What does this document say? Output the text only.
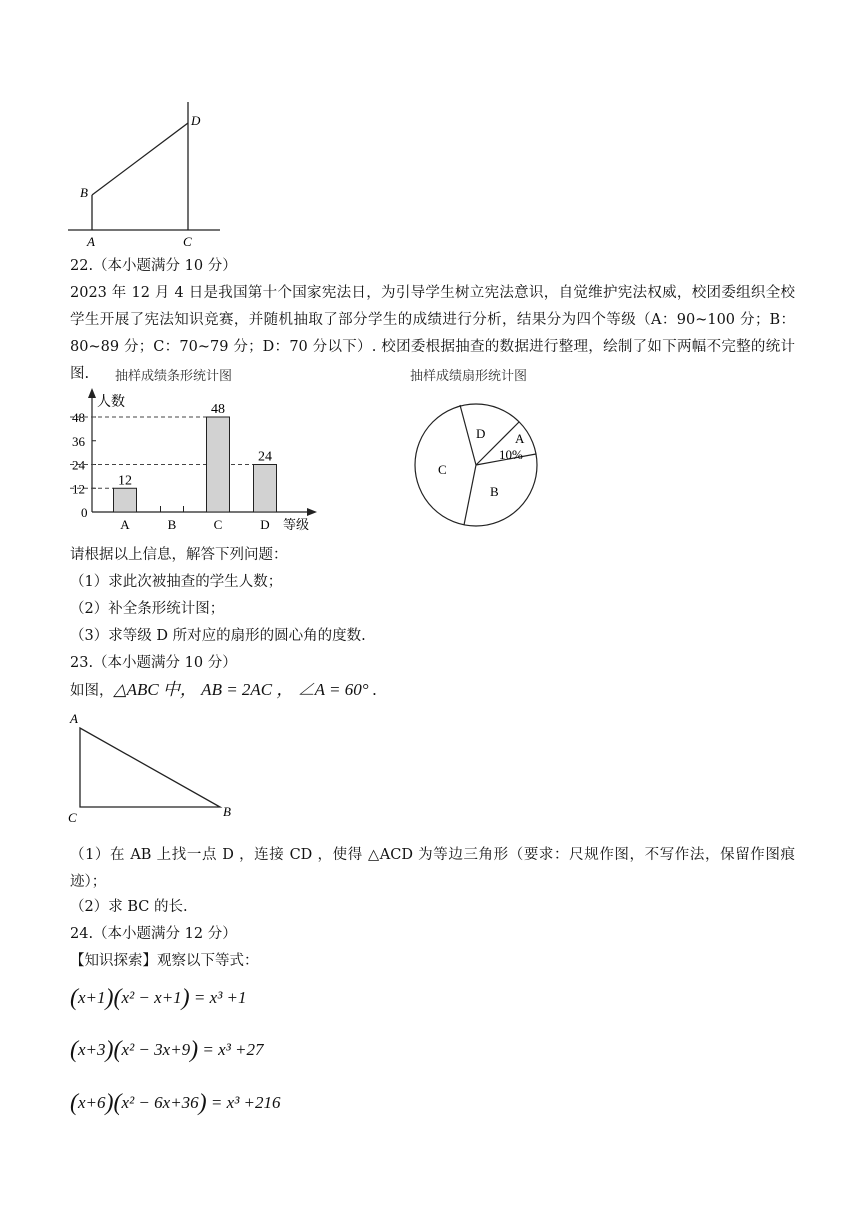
A
B
C
D
22.（本小题满分 10 分）
2023 年 12 月 4 日是我国第十个国家宪法日，为引导学生树立宪法意识，自觉维护宪法权威，校团委组织全校学生开展了宪法知识竞赛，并随机抽取了部分学生的成绩进行分析，结果分为四个等级（A：90~100 分；B：80~89 分；C：70~79 分；D：70 分以下）. 校团委根据抽查的数据进行整理，绘制了如下两幅不完整的统计图.	抽样成绩条形统计图
人数
等级
0
12
24
36
48
12
A	B
48
C
24
D
抽样成绩扇形统计图
A
10%
B
C
D
请根据以上信息，解答下列问题：
（1）求此次被抽查的学生人数；
（2）补全条形统计图；
（3）求等级 D 所对应的扇形的圆心角的度数.
23.（本小题满分 10 分）
如图，△ABC 中， AB = 2AC ， ∠A = 60° .
A
C	B
（1）在 AB 上找一点 D ，连接 CD ，使得 △ACD 为等边三角形（要求：尺规作图，不写作法，保留作图痕迹）；
（2）求 BC 的长.
24.（本小题满分 12 分）
【知识探索】观察以下等式：
(x+1)(x² − x+1) = x³ +1
(x+3)(x² − 3x+9) = x³ +27
(x+6)(x² − 6x+36) = x³ +216
